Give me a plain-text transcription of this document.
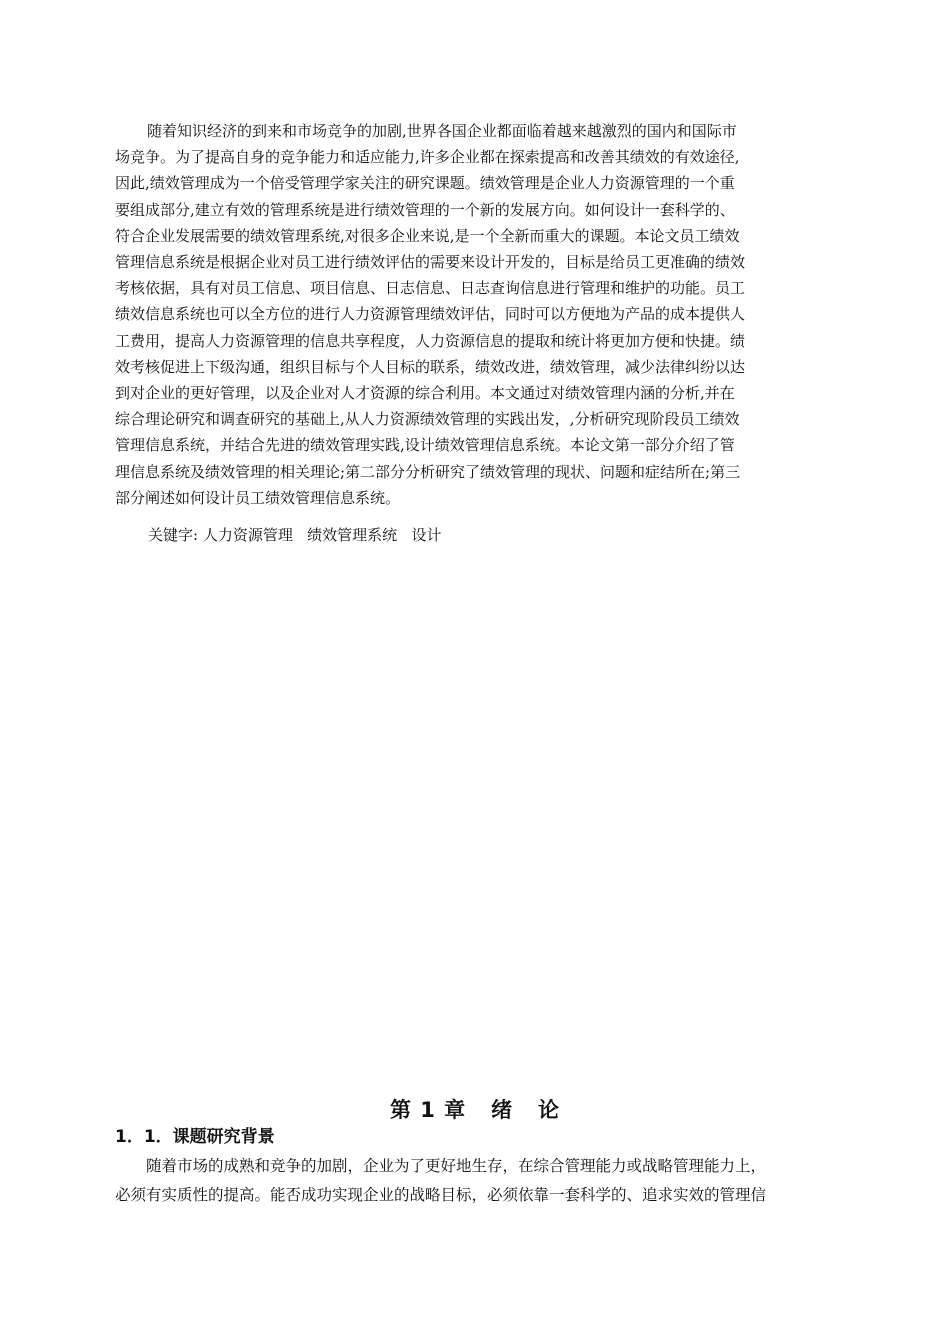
随着知识经济的到来和市场竞争的加剧,世界各国企业都面临着越来越激烈的国内和国际市
场竞争。为了提高自身的竞争能力和适应能力,许多企业都在探索提高和改善其绩效的有效途径,
因此,绩效管理成为一个倍受管理学家关注的研究课题。绩效管理是企业人力资源管理的一个重
要组成部分,建立有效的管理系统是进行绩效管理的一个新的发展方向。如何设计一套科学的、
符合企业发展需要的绩效管理系统,对很多企业来说,是一个全新而重大的课题。本论文员工绩效
管理信息系统是根据企业对员工进行绩效评估的需要来设计开发的，目标是给员工更准确的绩效
考核依据，具有对员工信息、项目信息、日志信息、日志查询信息进行管理和维护的功能。员工
绩效信息系统也可以全方位的进行人力资源管理绩效评估，同时可以方便地为产品的成本提供人
工费用，提高人力资源管理的信息共享程度，人力资源信息的提取和统计将更加方便和快捷。绩
效考核促进上下级沟通，组织目标与个人目标的联系，绩效改进，绩效管理，减少法律纠纷以达
到对企业的更好管理，以及企业对人才资源的综合利用。本文通过对绩效管理内涵的分析,并在
综合理论研究和调查研究的基础上,从人力资源绩效管理的实践出发，,分析研究现阶段员工绩效
管理信息系统，并结合先进的绩效管理实践,设计绩效管理信息系统。本论文第一部分介绍了管
理信息系统及绩效管理的相关理论;第二部分分析研究了绩效管理的现状、问题和症结所在;第三
部分阐述如何设计员工绩效管理信息系统。

关键字: 人力资源管理 绩效管理系统 设计
第 1 章   绪   论
1．1．课题研究背景

随着市场的成熟和竞争的加剧，企业为了更好地生存，在综合管理能力或战略管理能力上，
必须有实质性的提高。能否成功实现企业的战略目标，必须依靠一套科学的、追求实效的管理信
